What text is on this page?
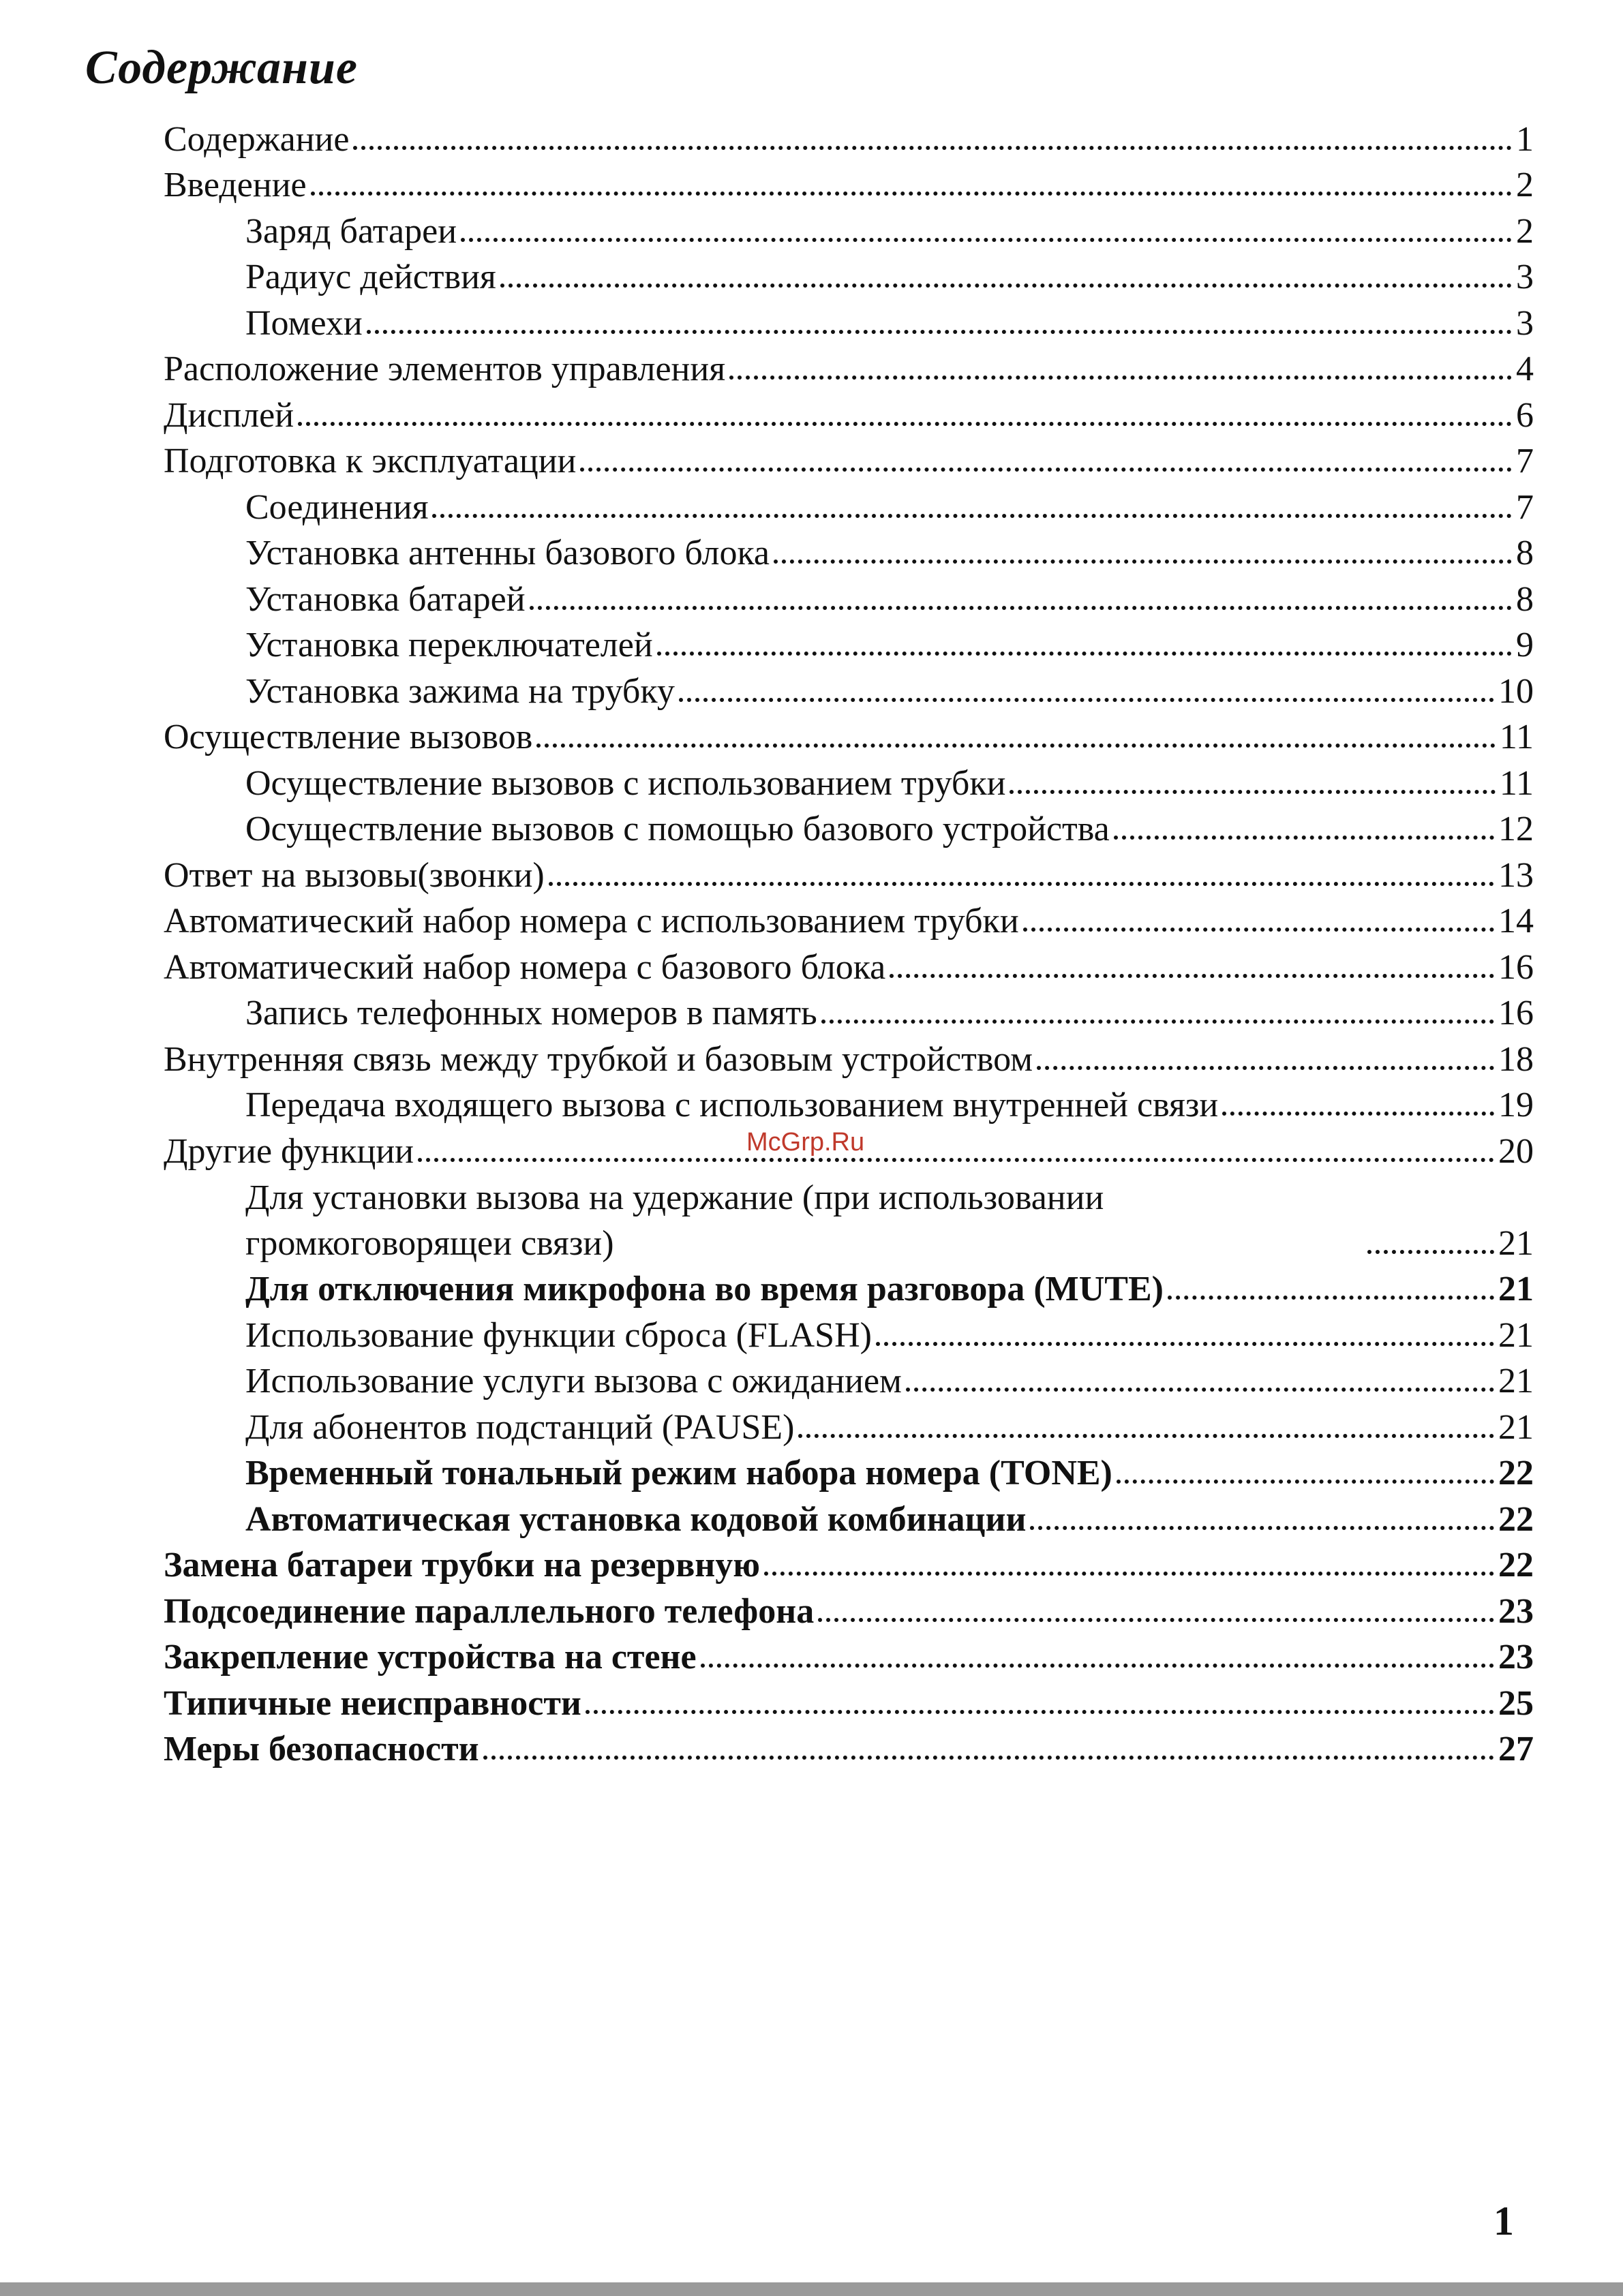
Содержание
Содержание	1
Введение	2
Заряд батареи	2
Радиус действия	3
Помехи	3
Расположение элементов управления	4
Дисплей	6
Подготовка к эксплуатации	7
Соединения	7
Установка антенны базового блока	8
Установка батарей	8
Установка переключателей	9
Установка зажима на трубку	10
Осуществление вызовов	11
Осуществление вызовов с использованием трубки	11
Осуществление вызовов с помощью базового устройства	12
Ответ на вызовы(звонки)	13
Автоматический набор номера с использованием трубки	14
Автоматический набор номера с базового блока	16
Запись телефонных номеров в память	16
Внутренняя связь между трубкой и базовым устройством	18
Передача входящего вызова с использованием внутренней связи	19
Другие функции	20
Для установки вызова на удержание (при использовании громкоговорящеи связи)	21
Для отключения микрофона во время разговора (MUTE)	21
Использование функции сброса (FLASH)	21
Использование услуги вызова с ожиданием	21
Для абонентов подстанций (PAUSE)	21
Временный тональный режим набора номера (TONE)	22
Автоматическая установка кодовой комбинации	22
Замена батареи трубки на резервную	22
Подсоединение параллельного телефона	23
Закрепление устройства на стене	23
Типичные неисправности	25
Меры безопасности	27
McGrp.Ru
1
